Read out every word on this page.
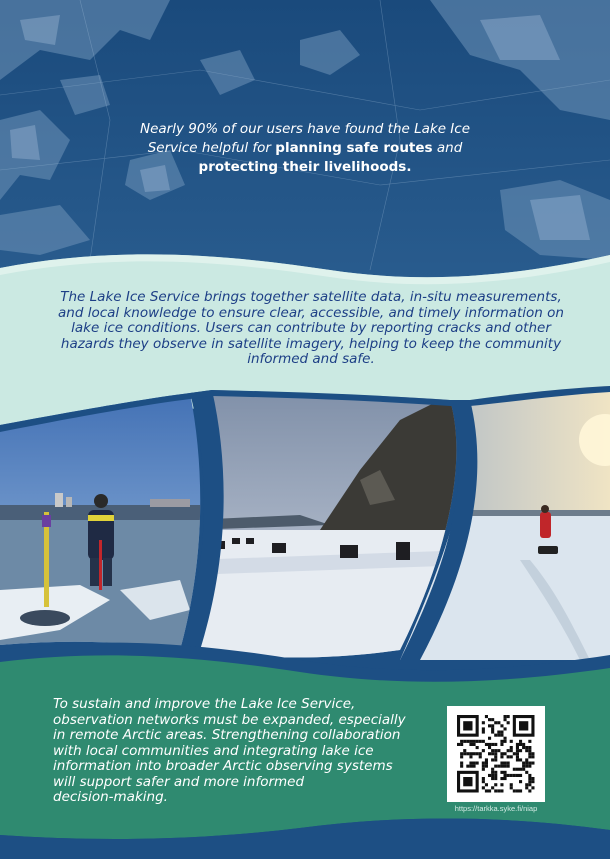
Nearly 90% of our users have found the Lake Ice
Service helpful for planning safe routes and
protecting their livelihoods.
The Lake Ice Service brings together satellite data, in-situ measurements,
and local knowledge to ensure clear, accessible, and timely information on
lake ice conditions. Users can contribute by reporting cracks and other
hazards they observe in satellite imagery, helping to keep the community
informed and safe.
To sustain and improve the Lake Ice Service,
observation networks must be expanded, especially
in remote Arctic areas. Strengthening collaboration
with local communities and integrating lake ice
information into broader Arctic observing systems
will support safer and more informed
decision-making.
https://tarkka.syke.fi/niap
